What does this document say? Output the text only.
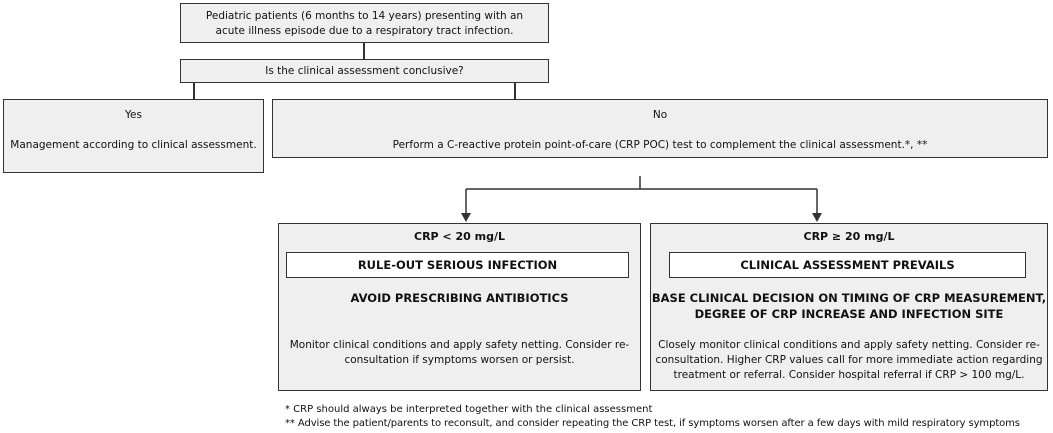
Pediatric patients (6 months to 14 years) presenting with an
acute illness episode due to a respiratory tract infection.
Is the clinical assessment conclusive?
Yes
Management according to clinical assessment.
No
Perform a C-reactive protein point-of-care (CRP POC) test to complement the clinical assessment.*, **
CRP < 20 mg/L
RULE-OUT SERIOUS INFECTION
AVOID PRESCRIBING ANTIBIOTICS
Monitor clinical conditions and apply safety netting. Consider re-
consultation if symptoms worsen or persist.
CRP ≥ 20 mg/L
CLINICAL ASSESSMENT PREVAILS
BASE CLINICAL DECISION ON TIMING OF CRP MEASUREMENT,
DEGREE OF CRP INCREASE AND INFECTION SITE
Closely monitor clinical conditions and apply safety netting. Consider re-
consultation. Higher CRP values call for more immediate action regarding
treatment or referral. Consider hospital referral if CRP > 100 mg/L.
* CRP should always be interpreted together with the clinical assessment
** Advise the patient/parents to reconsult, and consider repeating the CRP test, if symptoms worsen after a few days with mild respiratory symptoms
